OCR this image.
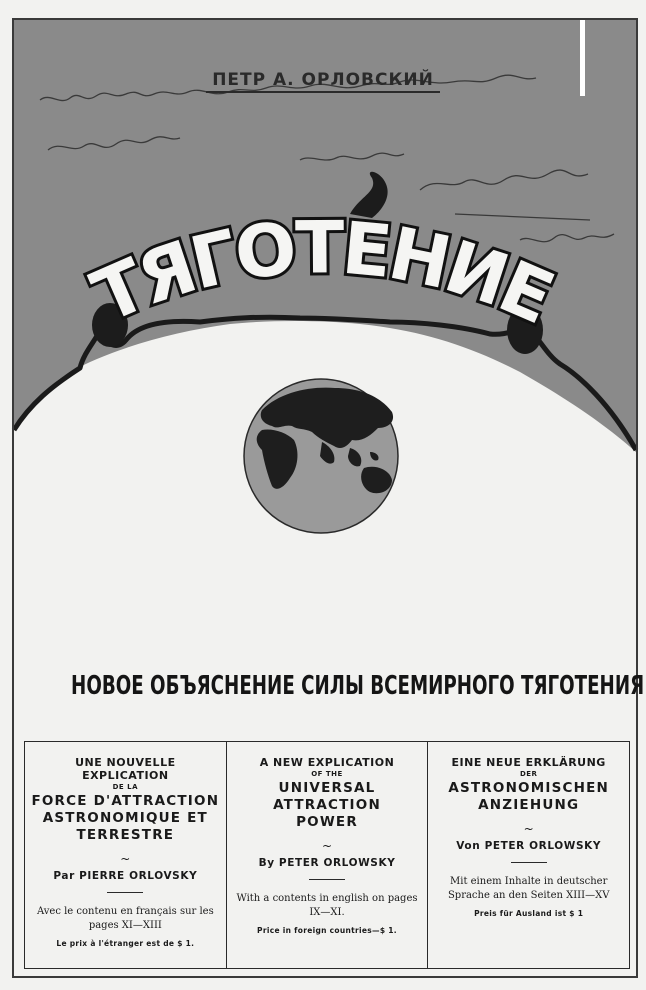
ТЯГОТЕНИЕ
ПЕТР А. ОРЛОВСКИЙ
НОВОЕ ОБЪЯСНЕНИЕ СИЛЫ ВСЕМИРНОГО ТЯГОТЕНИЯ
UNE NOUVELLE EXPLICATION
DE LA
FORCE D'ATTRACTION
ASTRONOMIQUE ET
TERRESTRE
~
Par PIERRE ORLOVSKY
Avec le contenu en français sur les pages XI—XIII
Le prix à l'étranger est de $ 1.
A NEW EXPLICATION
OF THE
UNIVERSAL ATTRACTION
POWER
~
By PETER ORLOWSKY
With a contents in english on pages IX—XI.
Price in foreign countries—$ 1.
EINE NEUE ERKLÄRUNG
DER
ASTRONOMISCHEN
ANZIEHUNG
~
Von PETER ORLOWSKY
Mit einem Inhalte in deutscher Sprache an den Seiten XIII—XV
Preis für Ausland ist $ 1
